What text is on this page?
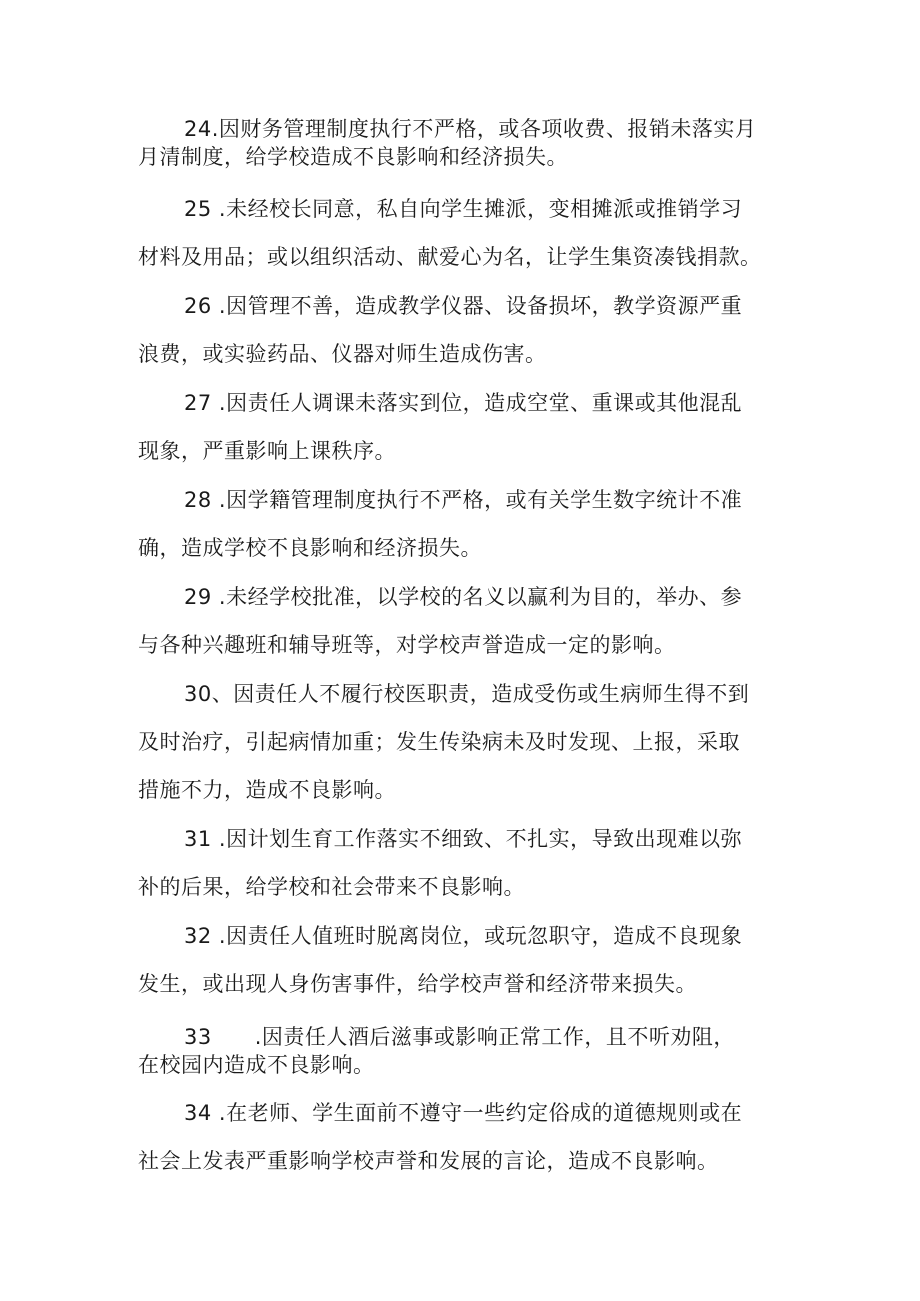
24.因财务管理制度执行不严格，或各项收费、报销未落实月
月清制度，给学校造成不良影响和经济损失。
25 .未经校长同意，私自向学生摊派，变相摊派或推销学习
材料及用品；或以组织活动、献爱心为名，让学生集资凑钱捐款。
26 .因管理不善，造成教学仪器、设备损坏，教学资源严重
浪费，或实验药品、仪器对师生造成伤害。
27 .因责任人调课未落实到位，造成空堂、重课或其他混乱
现象，严重影响上课秩序。
28 .因学籍管理制度执行不严格，或有关学生数字统计不准
确，造成学校不良影响和经济损失。
29 .未经学校批准，以学校的名义以赢利为目的，举办、参
与各种兴趣班和辅导班等，对学校声誉造成一定的影响。
30、因责任人不履行校医职责，造成受伤或生病师生得不到
及时治疗，引起病情加重；发生传染病未及时发现、上报，采取
措施不力，造成不良影响。
31 .因计划生育工作落实不细致、不扎实，导致出现难以弥
补的后果，给学校和社会带来不良影响。
32 .因责任人值班时脱离岗位，或玩忽职守，造成不良现象
发生，或出现人身伤害事件，给学校声誉和经济带来损失。
33　　.因责任人酒后滋事或影响正常工作，且不听劝阻，
在校园内造成不良影响。
34 .在老师、学生面前不遵守一些约定俗成的道德规则或在
社会上发表严重影响学校声誉和发展的言论，造成不良影响。
